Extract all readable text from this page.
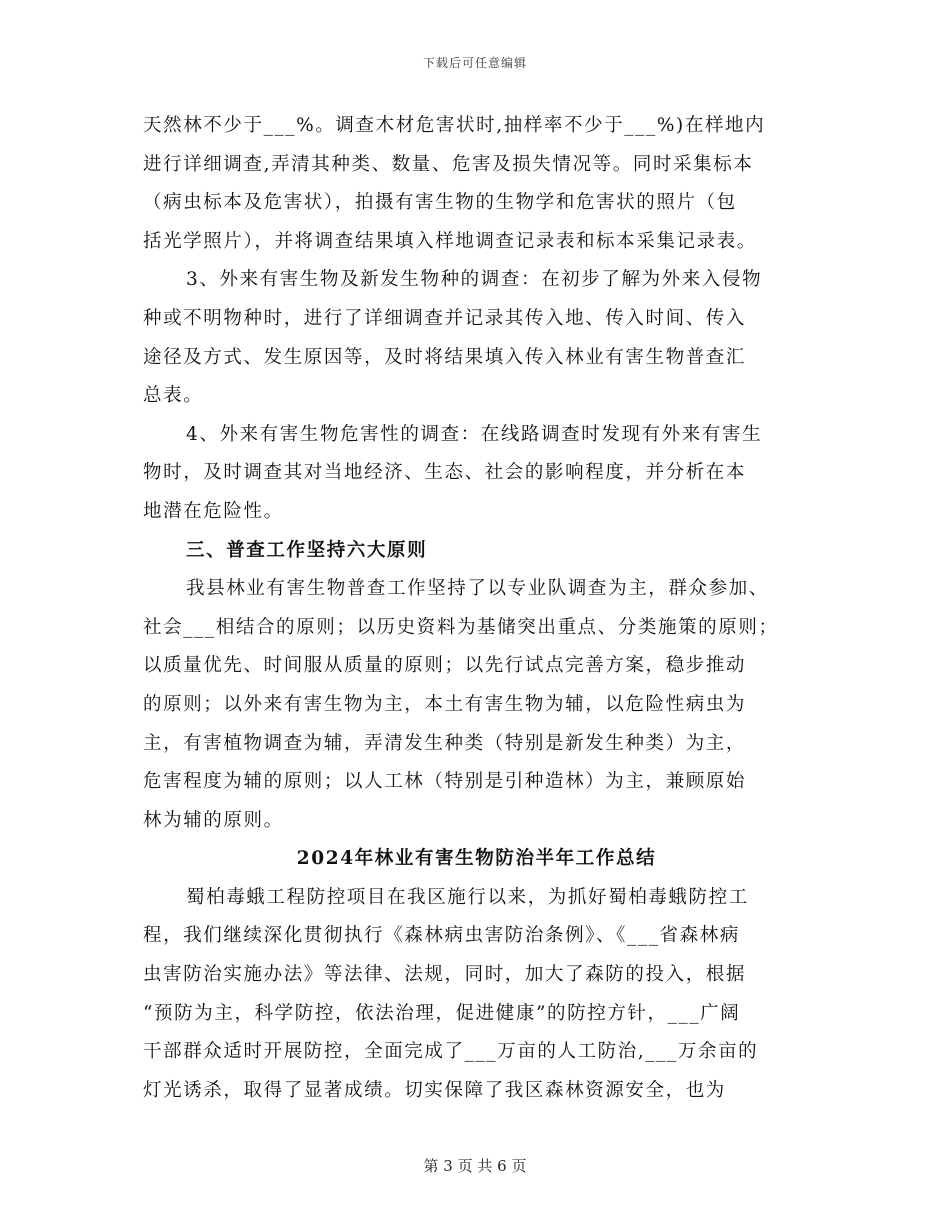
下载后可任意编辑
天然林不少于___%。调查木材危害状时,抽样率不少于___%)在样地内
进行详细调查,弄清其种类、数量、危害及损失情况等。同时采集标本
（病虫标本及危害状），拍摄有害生物的生物学和危害状的照片（包
括光学照片），并将调查结果填入样地调查记录表和标本采集记录表。
3、外来有害生物及新发生物种的调查：在初步了解为外来入侵物
种或不明物种时，进行了详细调查并记录其传入地、传入时间、传入
途径及方式、发生原因等，及时将结果填入传入林业有害生物普查汇
总表。
4、外来有害生物危害性的调查：在线路调查时发现有外来有害生
物时，及时调查其对当地经济、生态、社会的影响程度，并分析在本
地潜在危险性。
三、普查工作坚持六大原则
我县林业有害生物普查工作坚持了以专业队调查为主，群众参加、
社会___相结合的原则；以历史资料为基储突出重点、分类施策的原则；
以质量优先、时间服从质量的原则；以先行试点完善方案，稳步推动
的原则；以外来有害生物为主，本土有害生物为辅，以危险性病虫为
主，有害植物调查为辅，弄清发生种类（特别是新发生种类）为主，
危害程度为辅的原则；以人工林（特别是引种造林）为主，兼顾原始
林为辅的原则。
2024年林业有害生物防治半年工作总结
蜀柏毒蛾工程防控项目在我区施行以来，为抓好蜀柏毒蛾防控工
程，我们继续深化贯彻执行《森林病虫害防治条例》、《___省森林病
虫害防治实施办法》等法律、法规，同时，加大了森防的投入，根据
“预防为主，科学防控，依法治理，促进健康”的防控方针，___广阔
干部群众适时开展防控，全面完成了___万亩的人工防治,___万余亩的
灯光诱杀，取得了显著成绩。切实保障了我区森林资源安全，也为
第 3 页 共 6 页
